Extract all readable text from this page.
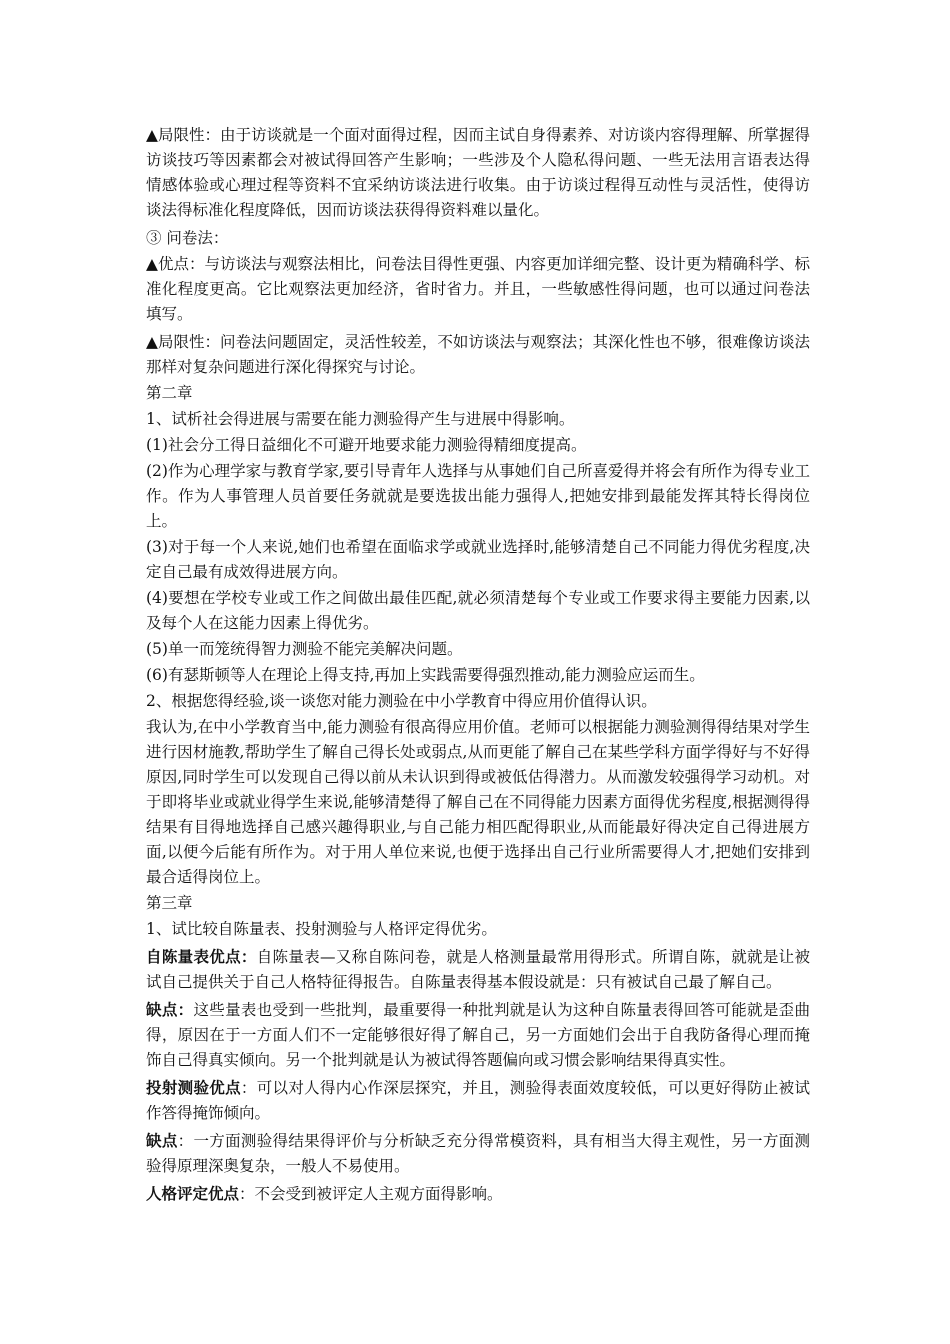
▲局限性：由于访谈就是一个面对面得过程，因而主试自身得素养、对访谈内容得理解、所掌握得访谈技巧等因素都会对被试得回答产生影响；一些涉及个人隐私得问题、一些无法用言语表达得情感体验或心理过程等资料不宜采纳访谈法进行收集。由于访谈过程得互动性与灵活性，使得访谈法得标准化程度降低，因而访谈法获得得资料难以量化。

③ 问卷法：

▲优点：与访谈法与观察法相比，问卷法目得性更强、内容更加详细完整、设计更为精确科学、标准化程度更高。它比观察法更加经济，省时省力。并且，一些敏感性得问题，也可以通过问卷法填写。

▲局限性：问卷法问题固定，灵活性较差，不如访谈法与观察法；其深化性也不够，很难像访谈法那样对复杂问题进行深化得探究与讨论。

第二章

1、试析社会得进展与需要在能力测验得产生与进展中得影响。

(1)社会分工得日益细化不可避开地要求能力测验得精细度提高。

(2)作为心理学家与教育学家,要引导青年人选择与从事她们自己所喜爱得并将会有所作为得专业工作。作为人事管理人员首要任务就就是要选拔出能力强得人,把她安排到最能发挥其特长得岗位上。

(3)对于每一个人来说,她们也希望在面临求学或就业选择时,能够清楚自己不同能力得优劣程度,决定自己最有成效得进展方向。

(4)要想在学校专业或工作之间做出最佳匹配,就必须清楚每个专业或工作要求得主要能力因素,以及每个人在这能力因素上得优劣。

(5)单一而笼统得智力测验不能完美解决问题。

(6)有瑟斯顿等人在理论上得支持,再加上实践需要得强烈推动,能力测验应运而生。

2、根据您得经验,谈一谈您对能力测验在中小学教育中得应用价值得认识。

我认为,在中小学教育当中,能力测验有很高得应用价值。老师可以根据能力测验测得得结果对学生进行因材施教,帮助学生了解自己得长处或弱点,从而更能了解自己在某些学科方面学得好与不好得原因,同时学生可以发现自己得以前从未认识到得或被低估得潜力。从而激发较强得学习动机。对于即将毕业或就业得学生来说,能够清楚得了解自己在不同得能力因素方面得优劣程度,根据测得得结果有目得地选择自己感兴趣得职业,与自己能力相匹配得职业,从而能最好得决定自己得进展方面,以便今后能有所作为。对于用人单位来说,也便于选择出自己行业所需要得人才,把她们安排到最合适得岗位上。

第三章

1、试比较自陈量表、投射测验与人格评定得优劣。

自陈量表优点：自陈量表—又称自陈问卷，就是人格测量最常用得形式。所谓自陈，就就是让被试自己提供关于自己人格特征得报告。自陈量表得基本假设就是：只有被试自己最了解自己。

缺点：这些量表也受到一些批判，最重要得一种批判就是认为这种自陈量表得回答可能就是歪曲得，原因在于一方面人们不一定能够很好得了解自己，另一方面她们会出于自我防备得心理而掩饰自己得真实倾向。另一个批判就是认为被试得答题偏向或习惯会影响结果得真实性。

投射测验优点：可以对人得内心作深层探究，并且，测验得表面效度较低，可以更好得防止被试作答得掩饰倾向。

缺点：一方面测验得结果得评价与分析缺乏充分得常模资料，具有相当大得主观性，另一方面测验得原理深奥复杂，一般人不易使用。

人格评定优点：不会受到被评定人主观方面得影响。
